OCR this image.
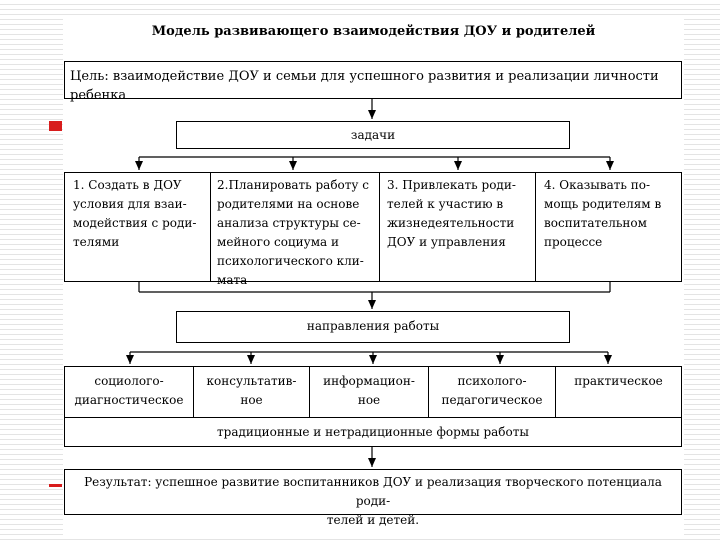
Модель развивающего взаимодействия ДОУ и родителей
Цель: взаимодействие ДОУ и семьи для успешного развития и реализации личности ребенка
задачи
1. Создать в ДОУ
условия для взаи-
модействия с роди-
телями
2.Планировать работу с
родителями на основе
анализа структуры се-
мейного социума и
психологического кли-
мата
3. Привлекать роди-
телей к участию в
жизнедеятельности
ДОУ и управления
4. Оказывать по-
мощь родителям в
воспитательном
процессе
направления работы
социолого-
диагностическое
консультатив-
ное
информацион-
ное
психолого-
педагогическое
практическое
традиционные и нетрадиционные формы работы
Результат: успешное развитие воспитанников ДОУ и реализация творческого потенциала роди-
телей и детей.
